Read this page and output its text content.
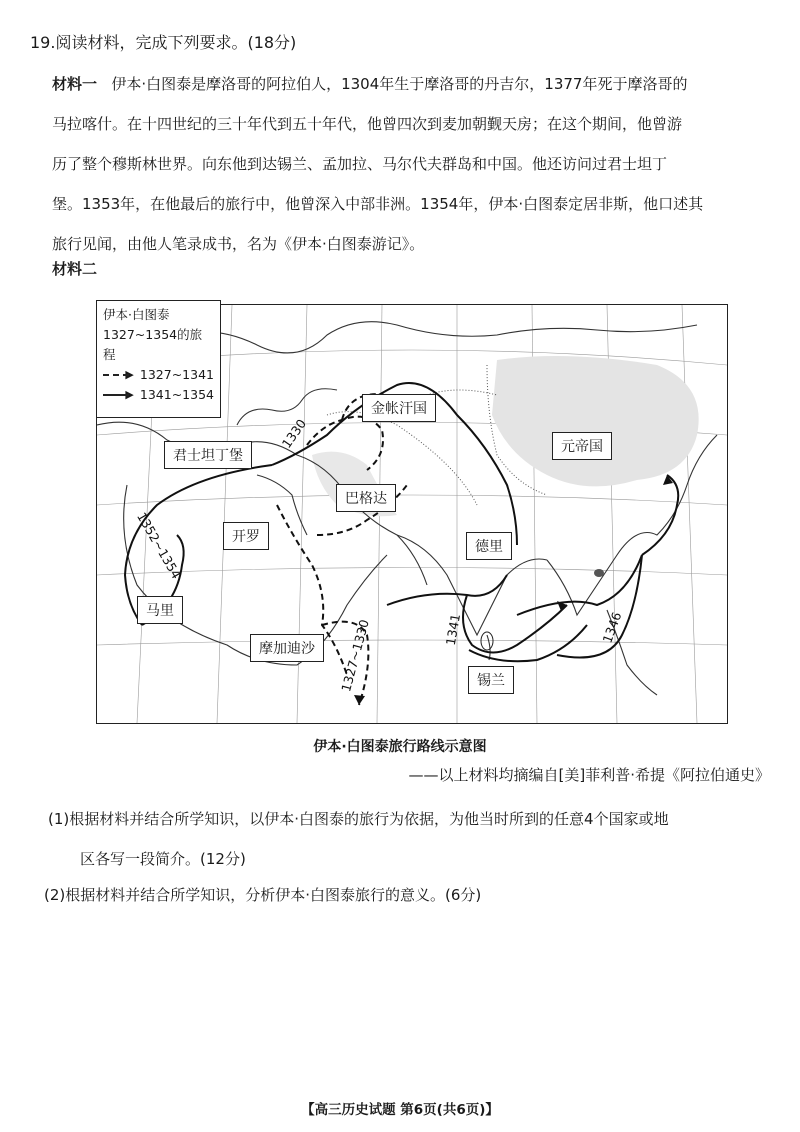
19.阅读材料，完成下列要求。(18分)
材料一 伊本·白图泰是摩洛哥的阿拉伯人，1304年生于摩洛哥的丹吉尔，1377年死于摩洛哥的
马拉喀什。在十四世纪的三十年代到五十年代，他曾四次到麦加朝觐天房；在这个期间，他曾游
历了整个穆斯林世界。向东他到达锡兰、孟加拉、马尔代夫群岛和中国。他还访问过君士坦丁
堡。1353年，在他最后的旅行中，他曾深入中部非洲。1354年，伊本·白图泰定居非斯，他口述其
旅行见闻，由他人笔录成书，名为《伊本·白图泰游记》。
材料二
伊本·白图泰
1327~1354的旅程
▶ 1327~1341
▶ 1341~1354
金帐汗国
元帝国
君士坦丁堡
巴格达
开罗
德里
马里
摩加迪沙
锡兰
1330
1352~1354
1327~1330	1341	1346
伊本·白图泰旅行路线示意图
——以上材料均摘编自[美]菲利普·希提《阿拉伯通史》
(1)根据材料并结合所学知识，以伊本·白图泰的旅行为依据，为他当时所到的任意4个国家或地
区各写一段简介。(12分)
(2)根据材料并结合所学知识，分析伊本·白图泰旅行的意义。(6分)
【高三历史试题 第6页(共6页)】
